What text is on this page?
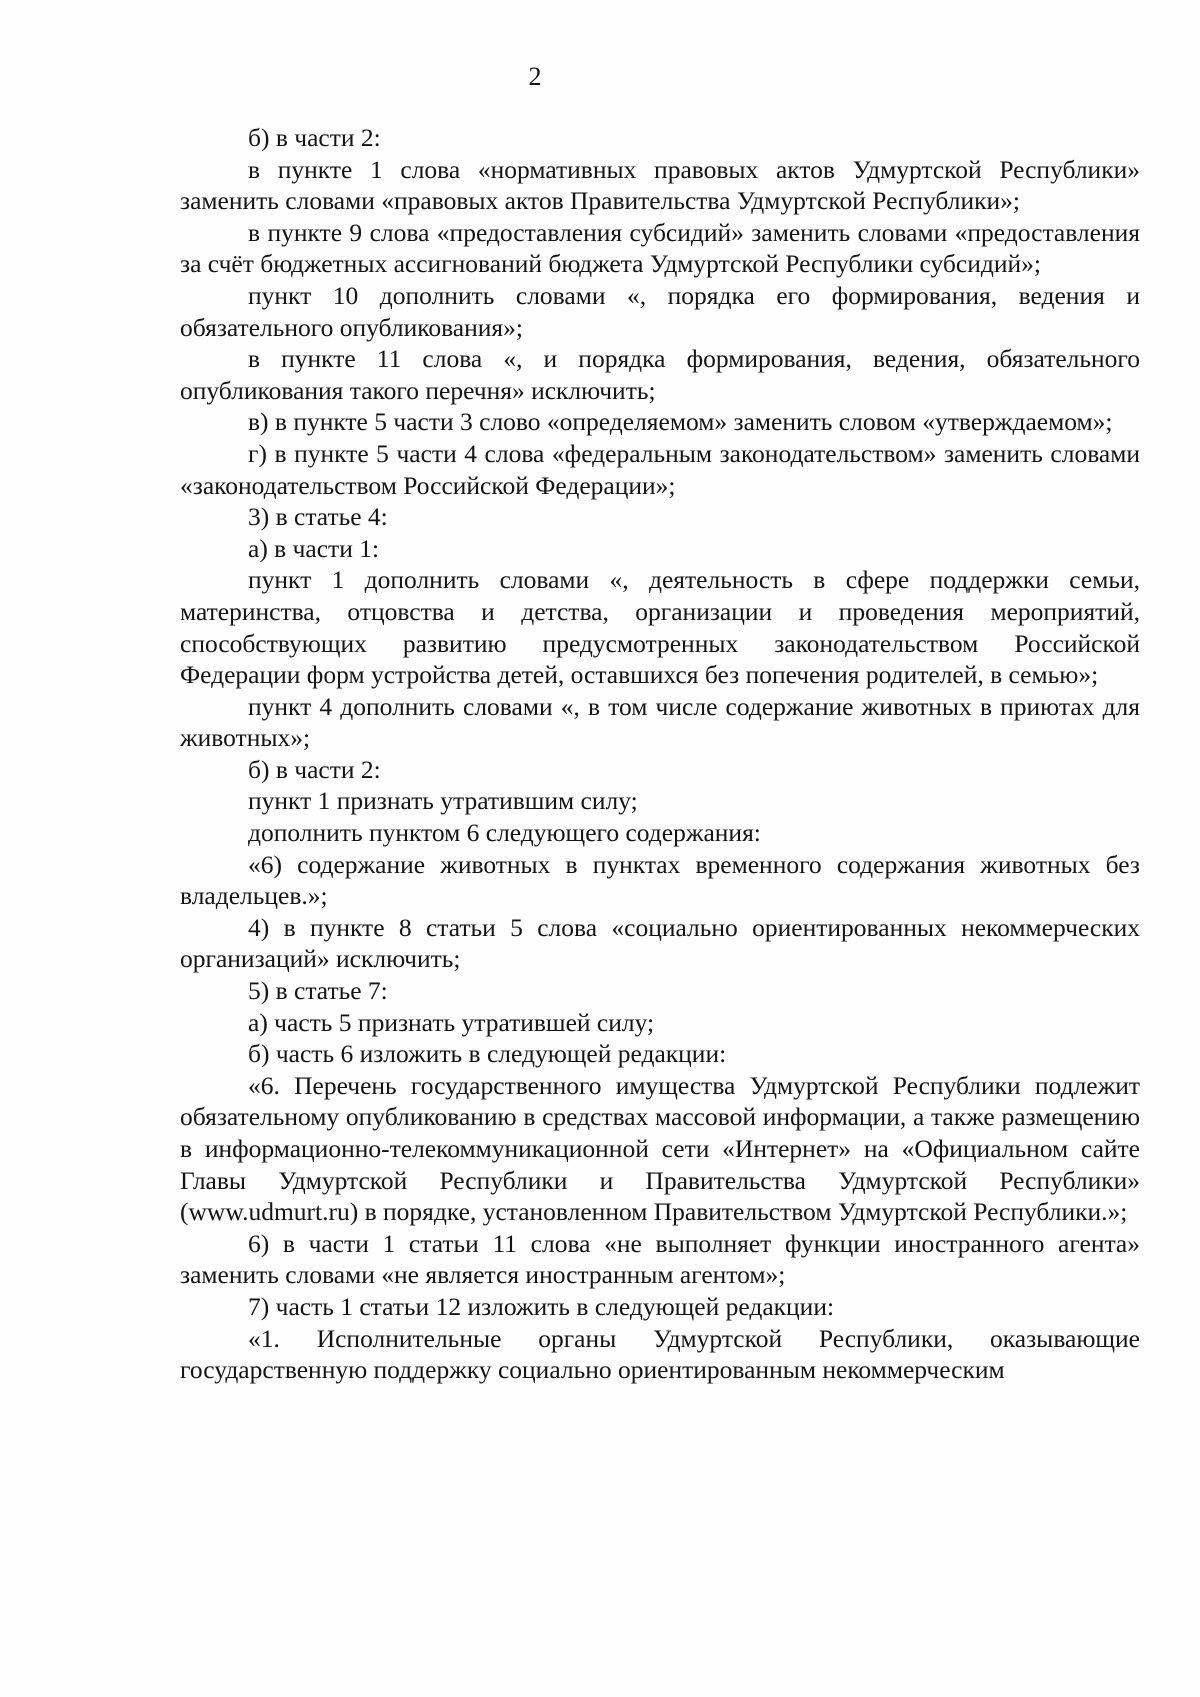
2

б) в части 2:

в пункте 1 слова «нормативных правовых актов Удмуртской Республики» заменить словами «правовых актов Правительства Удмуртской Республики»;

в пункте 9 слова «предоставления субсидий» заменить словами «предоставления за счёт бюджетных ассигнований бюджета Удмуртской Республики субсидий»;

пункт 10 дополнить словами «, порядка его формирования, ведения и обязательного опубликования»;

в пункте 11 слова «, и порядка формирования, ведения, обязательного опубликования такого перечня» исключить;

в) в пункте 5 части 3 слово «определяемом» заменить словом «утверждаемом»;

г) в пункте 5 части 4 слова «федеральным законодательством» заменить словами «законодательством Российской Федерации»;

3) в статье 4:

а) в части 1:

пункт 1 дополнить словами «, деятельность в сфере поддержки семьи, материнства, отцовства и детства, организации и проведения мероприятий, способствующих развитию предусмотренных законодательством Российской Федерации форм устройства детей, оставшихся без попечения родителей, в семью»;

пункт 4 дополнить словами «, в том числе содержание животных в приютах для животных»;

б) в части 2:

пункт 1 признать утратившим силу;

дополнить пунктом 6 следующего содержания:

«6) содержание животных в пунктах временного содержания животных без владельцев.»;

4) в пункте 8 статьи 5 слова «социально ориентированных некоммерческих организаций» исключить;

5) в статье 7:

а) часть 5 признать утратившей силу;

б) часть 6 изложить в следующей редакции:

«6. Перечень государственного имущества Удмуртской Республики подлежит обязательному опубликованию в средствах массовой информации, а также размещению в информационно-телекоммуникационной сети «Интернет» на «Официальном сайте Главы Удмуртской Республики и Правительства Удмуртской Республики» (www.udmurt.ru) в порядке, установленном Правительством Удмуртской Республики.»;

6) в части 1 статьи 11 слова «не выполняет функции иностранного агента» заменить словами «не является иностранным агентом»;

7) часть 1 статьи 12 изложить в следующей редакции:

«1. Исполнительные органы Удмуртской Республики, оказывающие государственную поддержку социально ориентированным некоммерческим
